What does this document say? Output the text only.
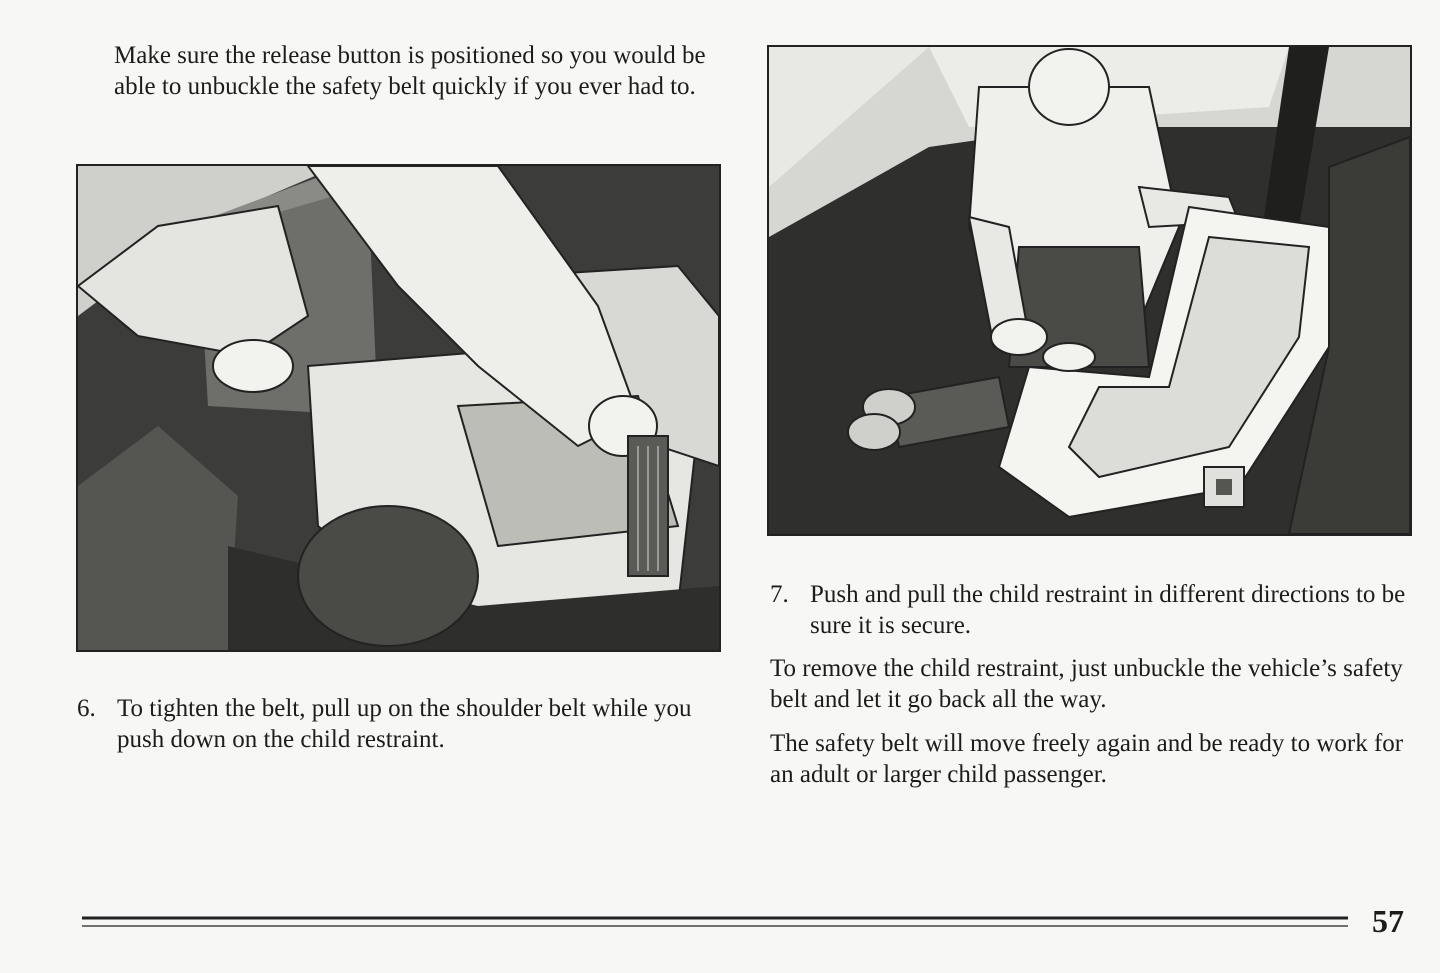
Make sure the release button is positioned so you would be able to unbuckle the safety belt quickly if you ever had to.

6. To tighten the belt, pull up on the shoulder belt while you push down on the child restraint.
7. Push and pull the child restraint in different directions to be sure it is secure.

To remove the child restraint, just unbuckle the vehicle’s safety belt and let it go back all the way.

The safety belt will move freely again and be ready to work for an adult or larger child passenger.

57
